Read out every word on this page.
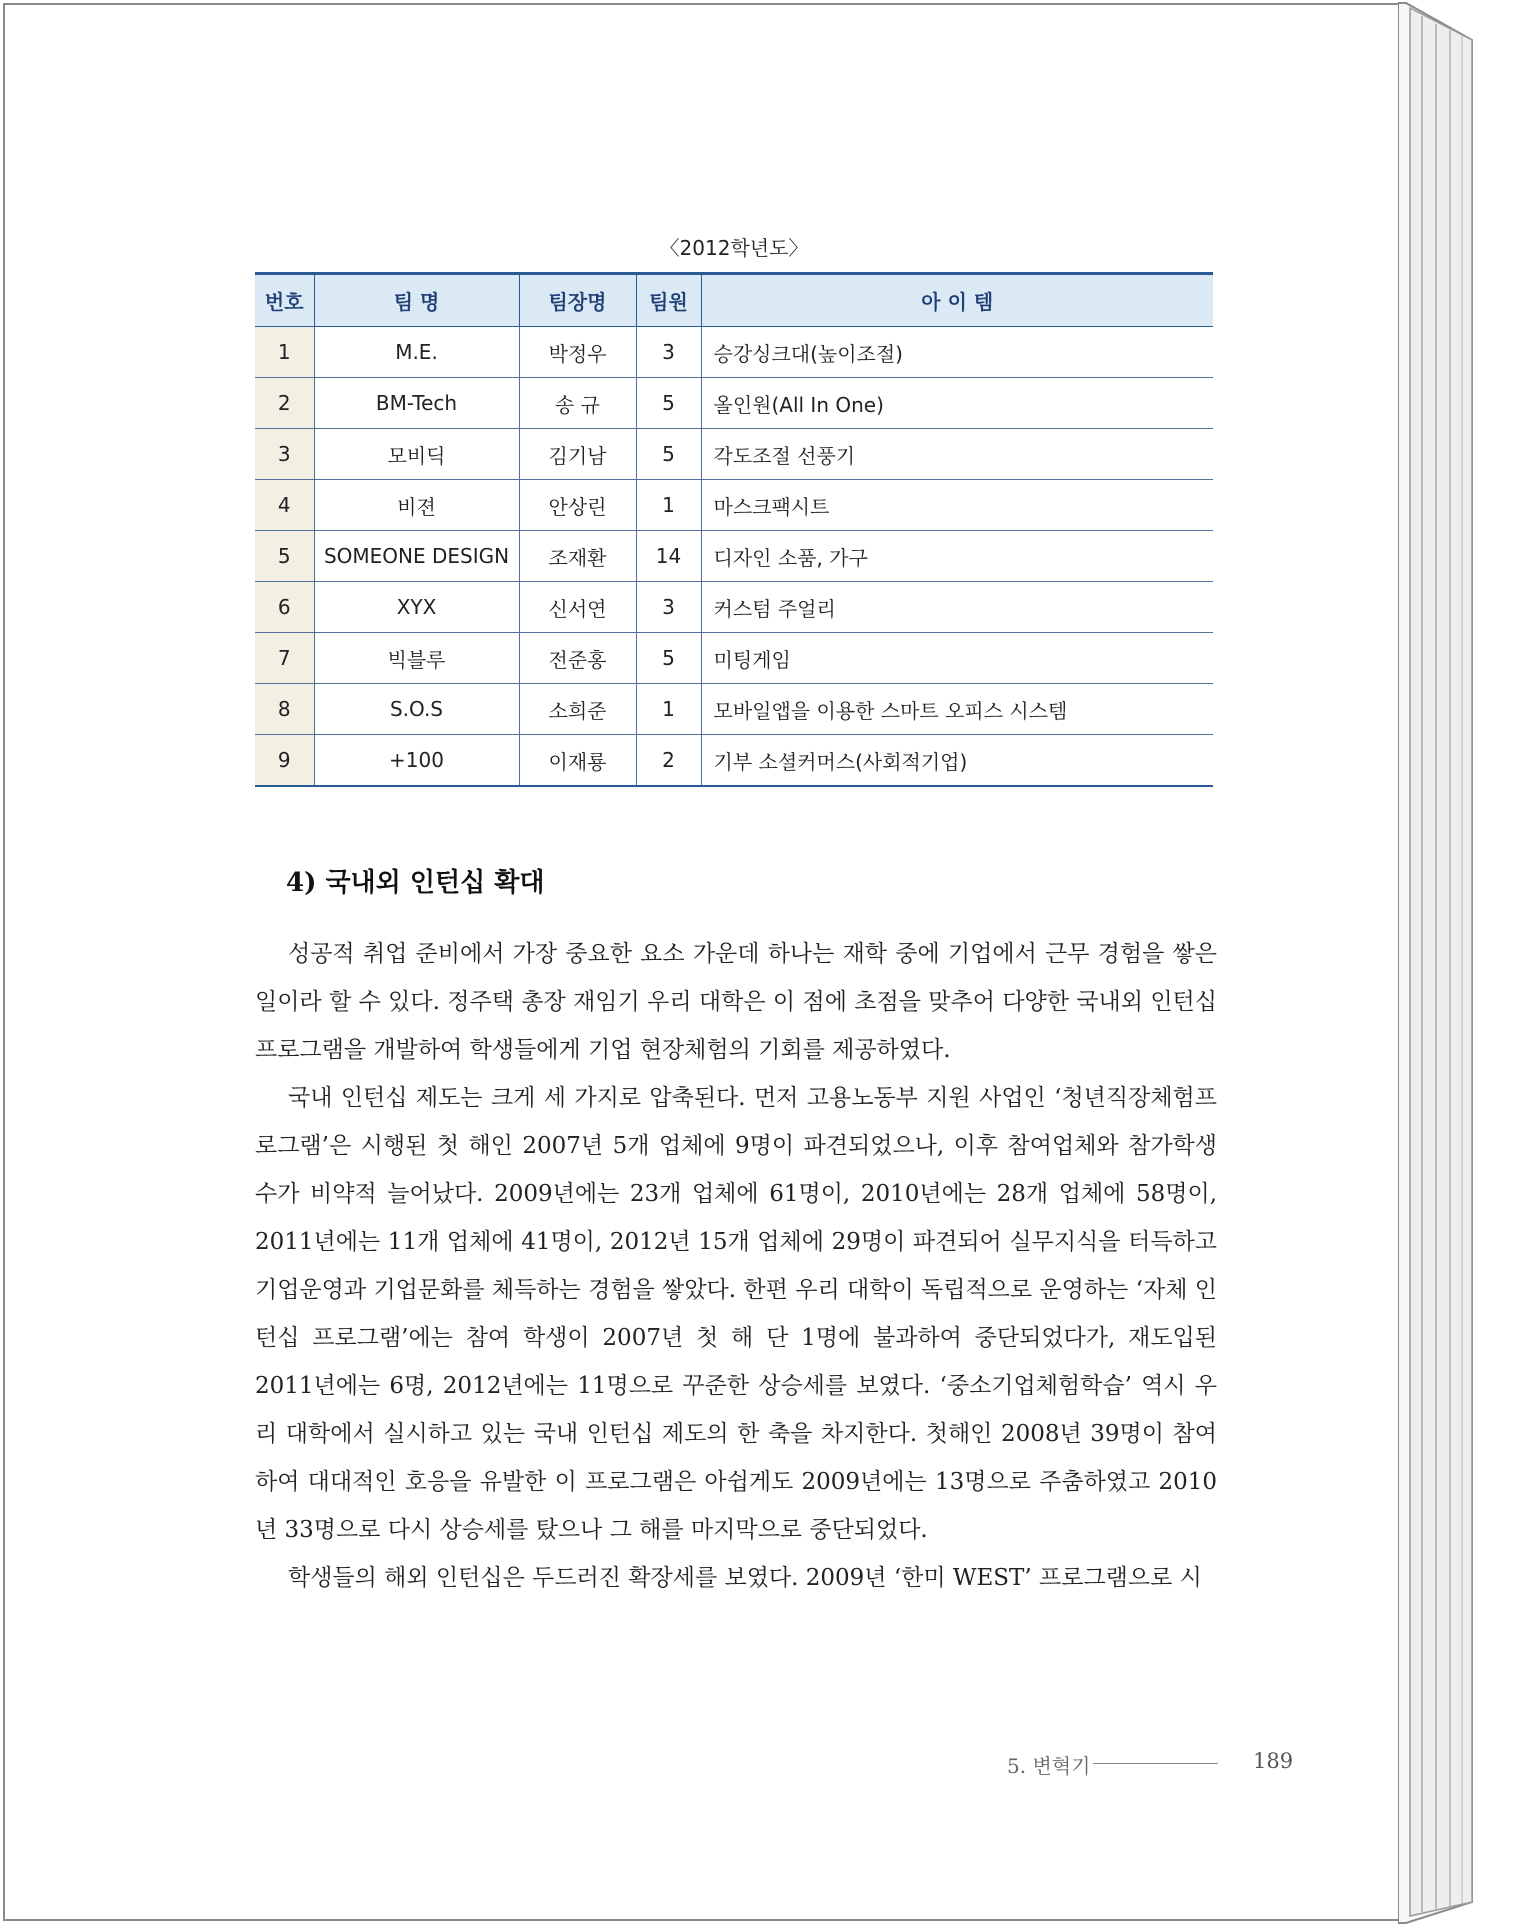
〈2012학년도〉
번호	팀 명	팀장명	팀원	아 이 템
1	M.E.	박정우	3	승강싱크대(높이조절)
2	BM-Tech	송 규	5	올인원(All In One)
3	모비딕	김기남	5	각도조절 선풍기
4	비젼	안상린	1	마스크팩시트
5	SOMEONE DESIGN	조재환	14	디자인 소품, 가구
6	XYX	신서연	3	커스텀 주얼리
7	빅블루	전준홍	5	미팅게임
8	S.O.S	소희준	1	모바일앱을 이용한 스마트 오피스 시스템
9	+100	이재룡	2	기부 소셜커머스(사회적기업)
4) 국내외 인턴십 확대

성공적 취업 준비에서 가장 중요한 요소 가운데 하나는 재학 중에 기업에서 근무 경험을 쌓은 일이라 할 수 있다. 정주택 총장 재임기 우리 대학은 이 점에 초점을 맞추어 다양한 국내외 인턴십 프로그램을 개발하여 학생들에게 기업 현장체험의 기회를 제공하였다.

국내 인턴십 제도는 크게 세 가지로 압축된다. 먼저 고용노동부 지원 사업인 ‘청년직장체험프로그램’은 시행된 첫 해인 2007년 5개 업체에 9명이 파견되었으나, 이후 참여업체와 참가학생 수가 비약적 늘어났다. 2009년에는 23개 업체에 61명이, 2010년에는 28개 업체에 58명이, 2011년에는 11개 업체에 41명이, 2012년 15개 업체에 29명이 파견되어 실무지식을 터득하고 기업운영과 기업문화를 체득하는 경험을 쌓았다. 한편 우리 대학이 독립적으로 운영하는 ‘자체 인턴십 프로그램’에는 참여 학생이 2007년 첫 해 단 1명에 불과하여 중단되었다가, 재도입된 2011년에는 6명, 2012년에는 11명으로 꾸준한 상승세를 보였다. ‘중소기업체험학습’ 역시 우리 대학에서 실시하고 있는 국내 인턴십 제도의 한 축을 차지한다. 첫해인 2008년 39명이 참여하여 대대적인 호응을 유발한 이 프로그램은 아쉽게도 2009년에는 13명으로 주춤하였고 2010년 33명으로 다시 상승세를 탔으나 그 해를 마지막으로 중단되었다.

학생들의 해외 인턴십은 두드러진 확장세를 보였다. 2009년 ‘한미 WEST’ 프로그램으로 시

5. 변혁기	189
